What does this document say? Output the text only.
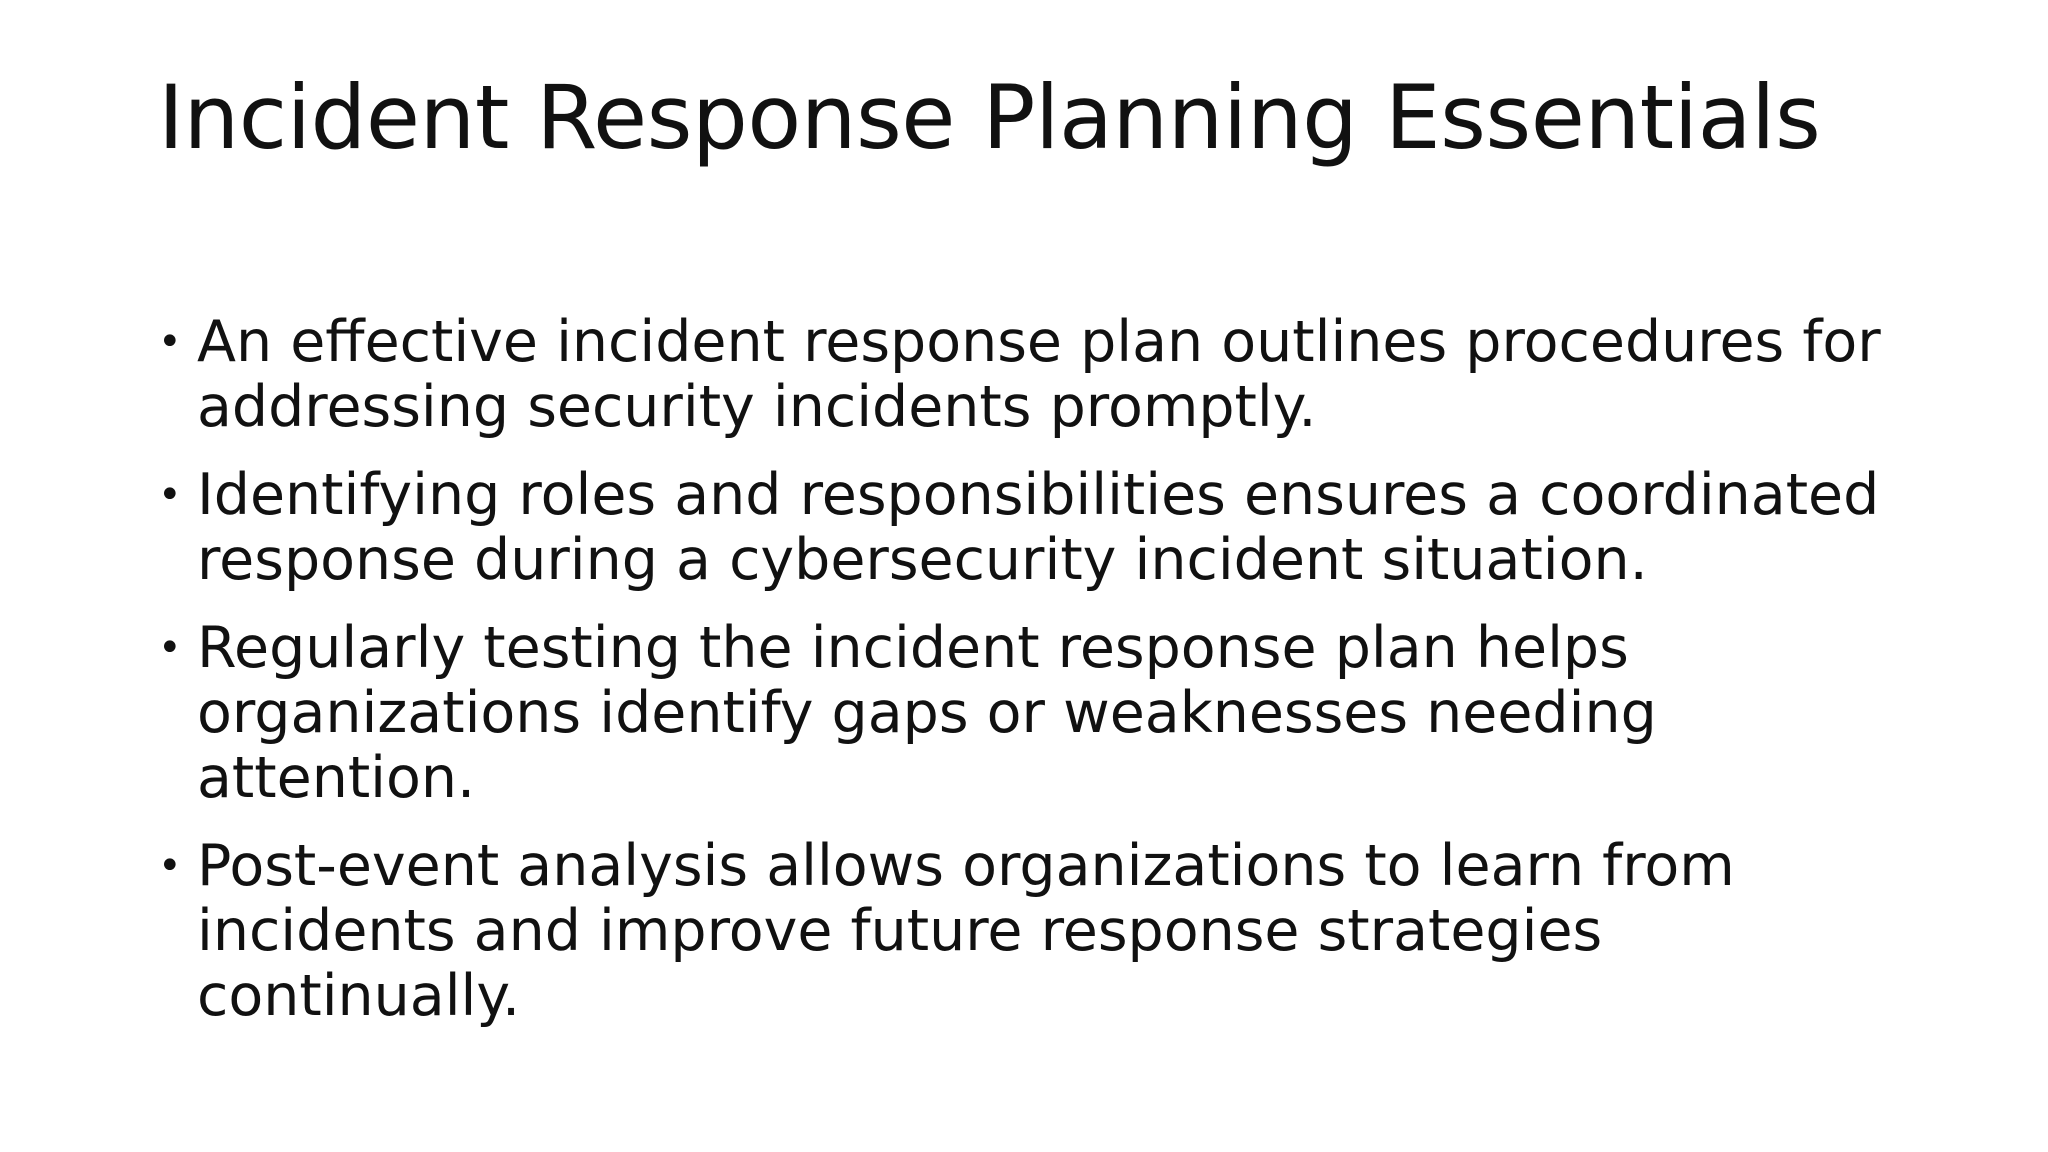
Incident Response Planning Essentials
• An effective incident response plan outlines procedures for addressing security incidents promptly.
• Identifying roles and responsibilities ensures a coordinated response during a cybersecurity incident situation.
• Regularly testing the incident response plan helps organizations identify gaps or weaknesses needing attention.
• Post-event analysis allows organizations to learn from incidents and improve future response strategies continually.
